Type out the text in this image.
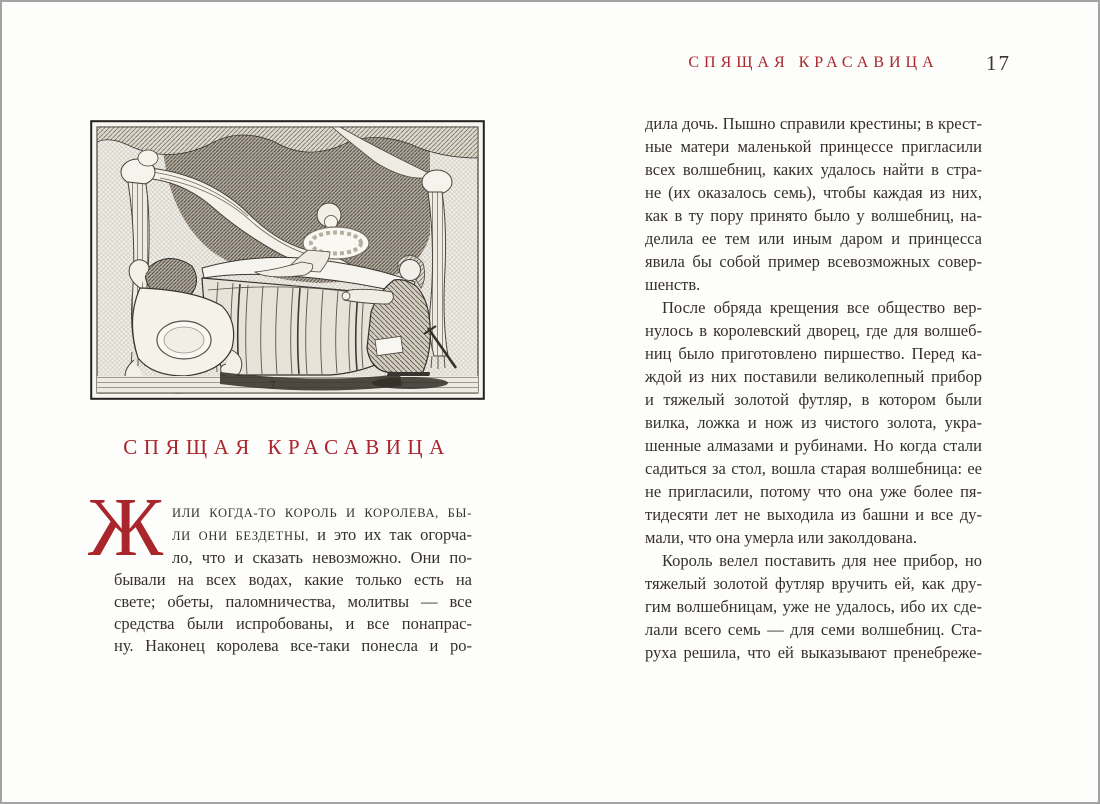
СПЯЩАЯ КРАСАВИЦА	17
7
СПЯЩАЯ КРАСАВИЦА
Ж ИЛИ КОГДА-ТО КОРОЛЬ И КОРОЛЕВА, БЫ-
ЛИ ОНИ БЕЗДЕТНЫ, и это их так огорча-
ло, что и сказать невозможно. Они по-
бывали на всех водах, какие только есть на
свете; обеты, паломничества, молитвы — все
средства были испробованы, и все понапрас-
ну. Наконец королева все-таки понесла и ро-
дила дочь. Пышно справили крестины; в крест-
ные матери маленькой принцессе пригласили
всех волшебниц, каких удалось найти в стра-
не (их оказалось семь), чтобы каждая из них,
как в ту пору принято было у волшебниц, на-
делила ее тем или иным даром и принцесса
явила бы собой пример всевозможных совер-
шенств.
После обряда крещения все общество вер-
нулось в королевский дворец, где для волшеб-
ниц было приготовлено пиршество. Перед ка-
ждой из них поставили великолепный прибор
и тяжелый золотой футляр, в котором были
вилка, ложка и нож из чистого золота, укра-
шенные алмазами и рубинами. Но когда стали
садиться за стол, вошла старая волшебница: ее
не пригласили, потому что она уже более пя-
тидесяти лет не выходила из башни и все ду-
мали, что она умерла или заколдована.
Король велел поставить для нее прибор, но
тяжелый золотой футляр вручить ей, как дру-
гим волшебницам, уже не удалось, ибо их сде-
лали всего семь — для семи волшебниц. Ста-
руха решила, что ей выказывают пренебреже-
